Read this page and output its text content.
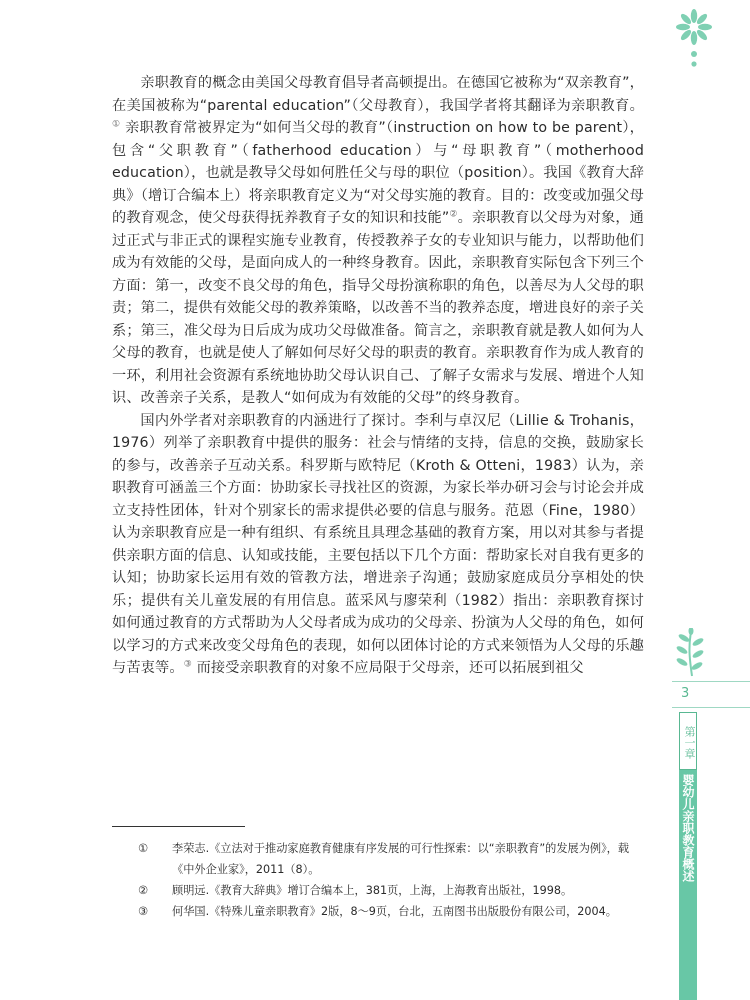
亲职教育的概念由美国父母教育倡导者高顿提出。在德国它被称为“双亲教育”，在美国被称为“parental education”（父母教育），我国学者将其翻译为亲职教育。① 亲职教育常被界定为“如何当父母的教育”（instruction on how to be parent），包含“父职教育”（fatherhood education）与“母职教育”（motherhood education），也就是教导父母如何胜任父与母的职位（position）。我国《教育大辞典》（增订合编本上）将亲职教育定义为“对父母实施的教育。目的：改变或加强父母的教育观念，使父母获得抚养教育子女的知识和技能”②。亲职教育以父母为对象，通过正式与非正式的课程实施专业教育，传授教养子女的专业知识与能力，以帮助他们成为有效能的父母，是面向成人的一种终身教育。因此，亲职教育实际包含下列三个方面：第一，改变不良父母的角色，指导父母扮演称职的角色，以善尽为人父母的职责；第二，提供有效能父母的教养策略，以改善不当的教养态度，增进良好的亲子关系；第三，准父母为日后成为成功父母做准备。简言之，亲职教育就是教人如何为人父母的教育，也就是使人了解如何尽好父母的职责的教育。亲职教育作为成人教育的一环，利用社会资源有系统地协助父母认识自己、了解子女需求与发展、增进个人知识、改善亲子关系，是教人“如何成为有效能的父母”的终身教育。

国内外学者对亲职教育的内涵进行了探讨。李利与卓汉尼（Lillie & Trohanis，1976）列举了亲职教育中提供的服务：社会与情绪的支持，信息的交换，鼓励家长的参与，改善亲子互动关系。科罗斯与欧特尼（Kroth & Otteni，1983）认为，亲职教育可涵盖三个方面：协助家长寻找社区的资源，为家长举办研习会与讨论会并成立支持性团体，针对个别家长的需求提供必要的信息与服务。范恩（Fine，1980）认为亲职教育应是一种有组织、有系统且具理念基础的教育方案，用以对其参与者提供亲职方面的信息、认知或技能，主要包括以下几个方面：帮助家长对自我有更多的认知；协助家长运用有效的管教方法，增进亲子沟通；鼓励家庭成员分享相处的快乐；提供有关儿童发展的有用信息。蓝采风与廖荣利（1982）指出：亲职教育探讨如何通过教育的方式帮助为人父母者成为成功的父母亲、扮演为人父母的角色，如何以学习的方式来改变父母角色的表现，如何以团体讨论的方式来领悟为人父母的乐趣与苦衷等。③ 而接受亲职教育的对象不应局限于父母亲，还可以拓展到祖父

①	李荣志.《立法对于推动家庭教育健康有序发展的可行性探索：以“亲职教育”的发展为例》，载《中外企业家》，2011（8）。
②	顾明远.《教育大辞典》增订合编本上，381页，上海，上海教育出版社，1998。
③	何华国.《特殊儿童亲职教育》2版，8～9页，台北，五南图书出版股份有限公司，2004。
3
第一章
婴幼儿亲职教育概述
